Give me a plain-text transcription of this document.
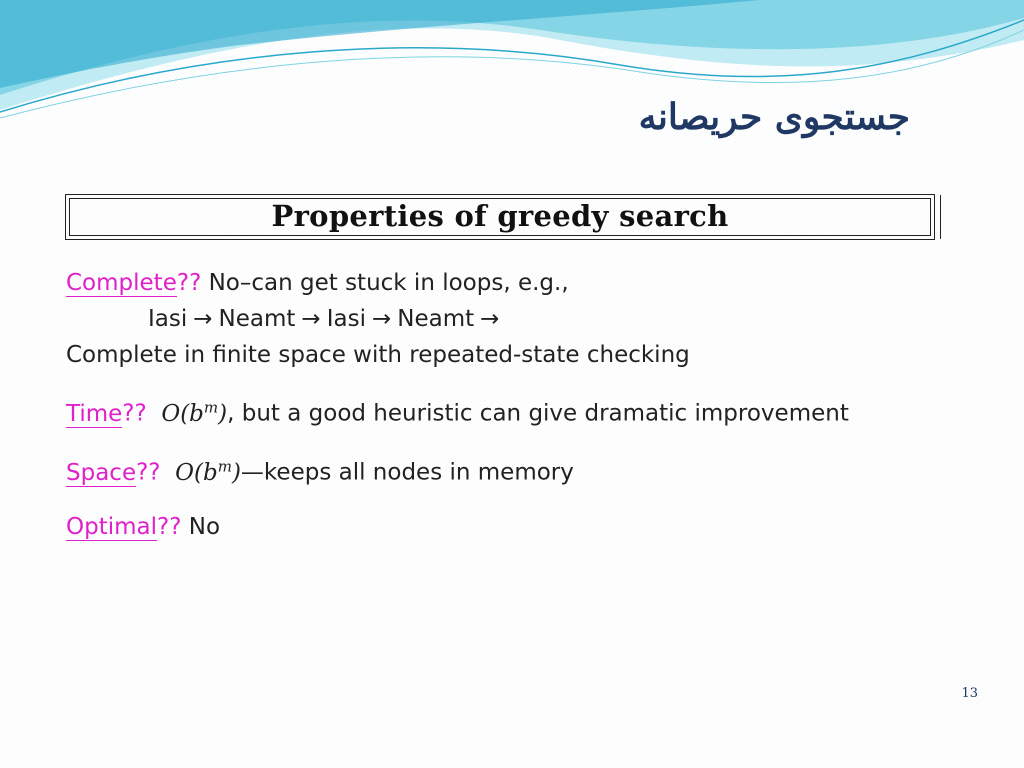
جستجوی حریصانه
Properties of greedy search
Complete?? No–can get stuck in loops, e.g.,
Iasi → Neamt → Iasi → Neamt →
Complete in finite space with repeated-state checking
Time?? $O(b^m)$, but a good heuristic can give dramatic improvement
Space?? $O(b^m)—keeps$ all nodes in memory
Optimal?? No
13
